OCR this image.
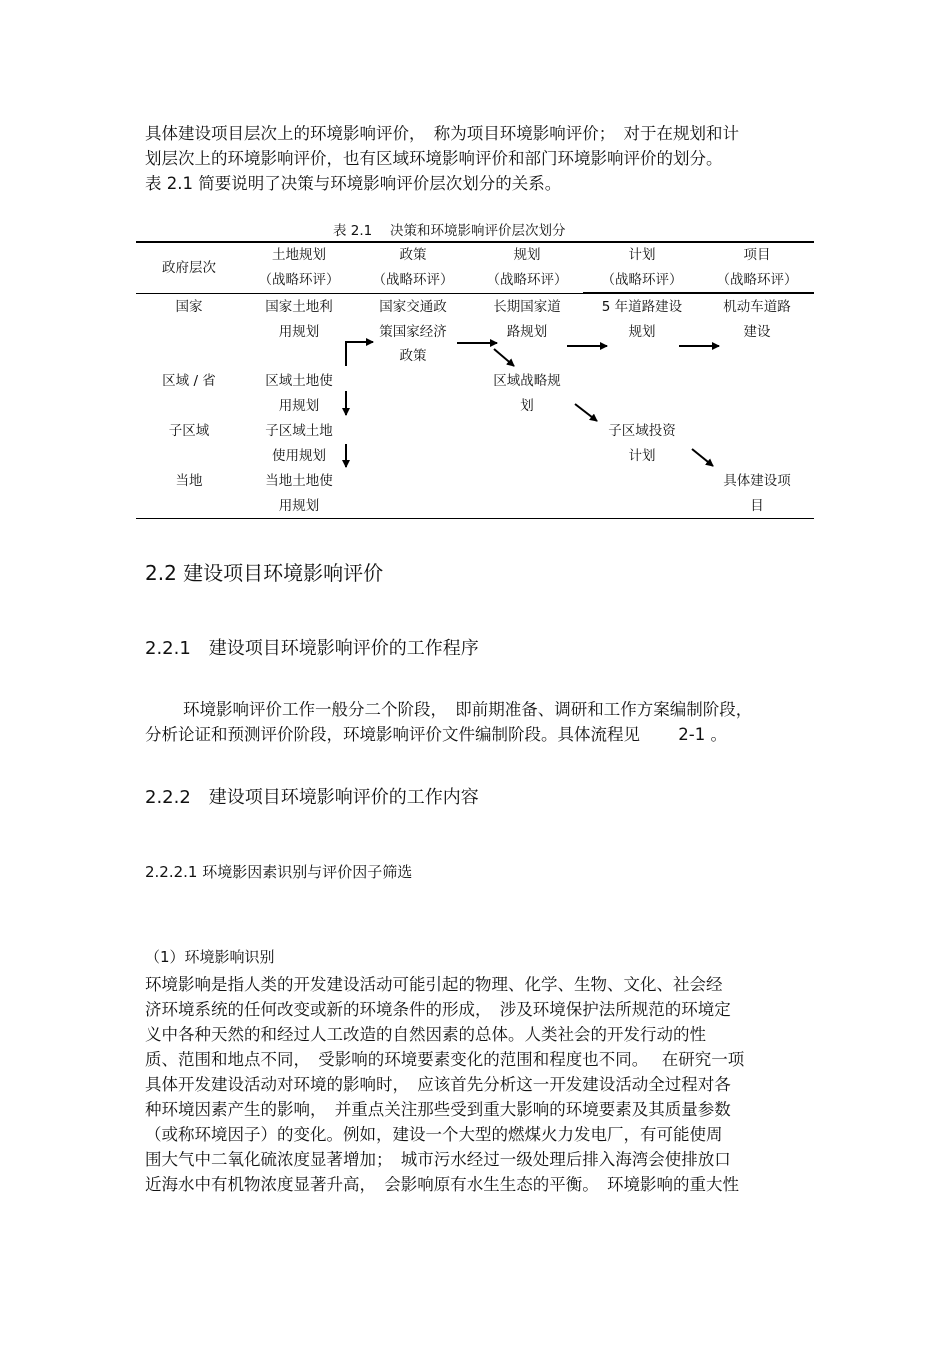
具体建设项目层次上的环境影响评价，　称为项目环境影响评价；　对于在规划和计
划层次上的环境影响评价，也有区域环境影响评价和部门环境影响评价的划分。
表 2.1 简要说明了决策与环境影响评价层次划分的关系。
表 2.1　 决策和环境影响评价层次划分
政府层次
土地规划
（战略环评）
政策
（战略环评）
规划
（战略环评）
计划
（战略环评）
项目
（战略环评）
国家
区域 / 省
子区域
当地
国家土地利
用规划
国家交通政
策国家经济
政策
长期国家道
路规划
5 年道路建设
规划
机动车道路
建设
区域土地使
用规划
区域战略规
划
子区域土地
使用规划
子区域投资
计划
当地土地使
用规划
具体建设项
目
2.2 建设项目环境影响评价
2.2.1　建设项目环境影响评价的工作程序
环境影响评价工作一般分二个阶段，　即前期准备、调研和工作方案编制阶段，
分析论证和预测评价阶段，环境影响评价文件编制阶段。具体流程见　　 2-1 。
2.2.2　建设项目环境影响评价的工作内容
2.2.2.1 环境影因素识别与评价因子筛选
（1）环境影响识别
环境影响是指人类的开发建设活动可能引起的物理、化学、生物、文化、社会经
济环境系统的任何改变或新的环境条件的形成，　涉及环境保护法所规范的环境定
义中各种天然的和经过人工改造的自然因素的总体。人类社会的开发行动的性
质、范围和地点不同，　受影响的环境要素变化的范围和程度也不同。　 在研究一项
具体开发建设活动对环境的影响时，　应该首先分析这一开发建设活动全过程对各
种环境因素产生的影响，　并重点关注那些受到重大影响的环境要素及其质量参数
（或称环境因子）的变化。例如，建设一个大型的燃煤火力发电厂，有可能使周
围大气中二氧化硫浓度显著增加；　城市污水经过一级处理后排入海湾会使排放口
近海水中有机物浓度显著升高，　会影响原有水生生态的平衡。　环境影响的重大性
